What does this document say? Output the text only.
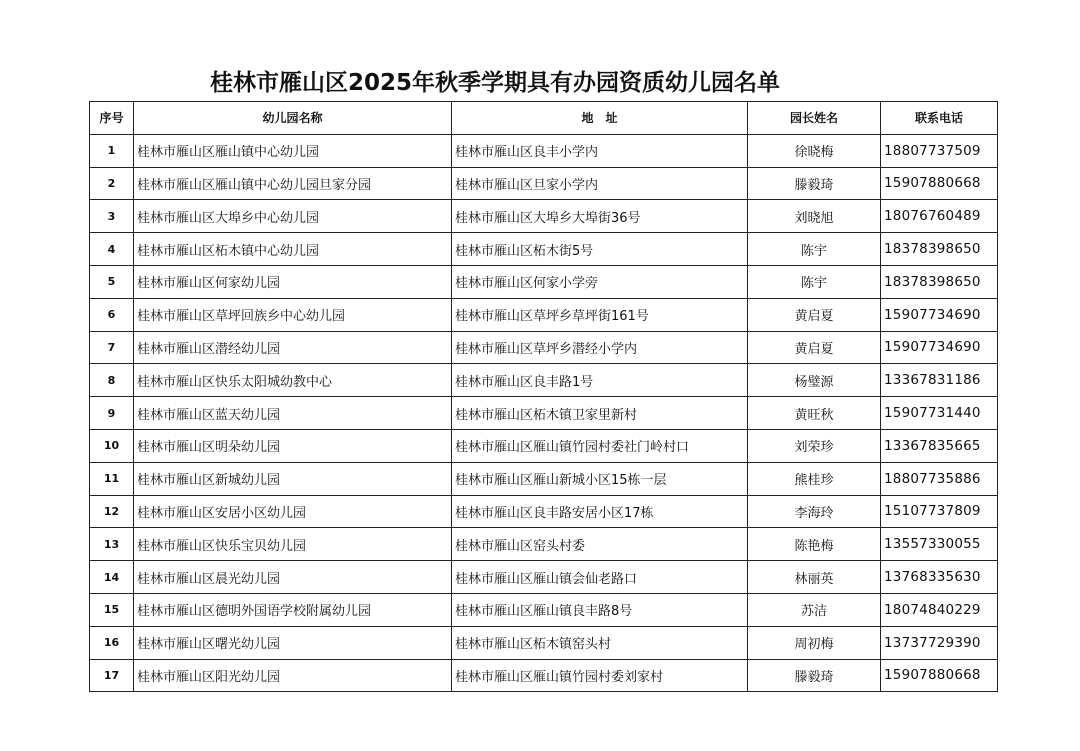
桂林市雁山区2025年秋季学期具有办园资质幼儿园名单
序号	幼儿园名称	地　址	园长姓名	联系电话
1	桂林市雁山区雁山镇中心幼儿园	桂林市雁山区良丰小学内	徐晓梅	18807737509
2	桂林市雁山区雁山镇中心幼儿园旦家分园	桂林市雁山区旦家小学内	滕毅琦	15907880668
3	桂林市雁山区大埠乡中心幼儿园	桂林市雁山区大埠乡大埠街36号	刘晓旭	18076760489
4	桂林市雁山区柘木镇中心幼儿园	桂林市雁山区柘木街5号	陈宇	18378398650
5	桂林市雁山区何家幼儿园	桂林市雁山区何家小学旁	陈宇	18378398650
6	桂林市雁山区草坪回族乡中心幼儿园	桂林市雁山区草坪乡草坪街161号	黄启夏	15907734690
7	桂林市雁山区潜经幼儿园	桂林市雁山区草坪乡潜经小学内	黄启夏	15907734690
8	桂林市雁山区快乐太阳城幼教中心	桂林市雁山区良丰路1号	杨璧源	13367831186
9	桂林市雁山区蓝天幼儿园	桂林市雁山区柘木镇卫家里新村	黄旺秋	15907731440
10	桂林市雁山区明朵幼儿园	桂林市雁山区雁山镇竹园村委社门岭村口	刘荣珍	13367835665
11	桂林市雁山区新城幼儿园	桂林市雁山区雁山新城小区15栋一层	熊桂珍	18807735886
12	桂林市雁山区安居小区幼儿园	桂林市雁山区良丰路安居小区17栋	李海玲	15107737809
13	桂林市雁山区快乐宝贝幼儿园	桂林市雁山区窑头村委	陈艳梅	13557330055
14	桂林市雁山区晨光幼儿园	桂林市雁山区雁山镇会仙老路口	林丽英	13768335630
15	桂林市雁山区德明外国语学校附属幼儿园	桂林市雁山区雁山镇良丰路8号	苏洁	18074840229
16	桂林市雁山区曙光幼儿园	桂林市雁山区柘木镇窑头村	周初梅	13737729390
17	桂林市雁山区阳光幼儿园	桂林市雁山区雁山镇竹园村委刘家村	滕毅琦	15907880668
